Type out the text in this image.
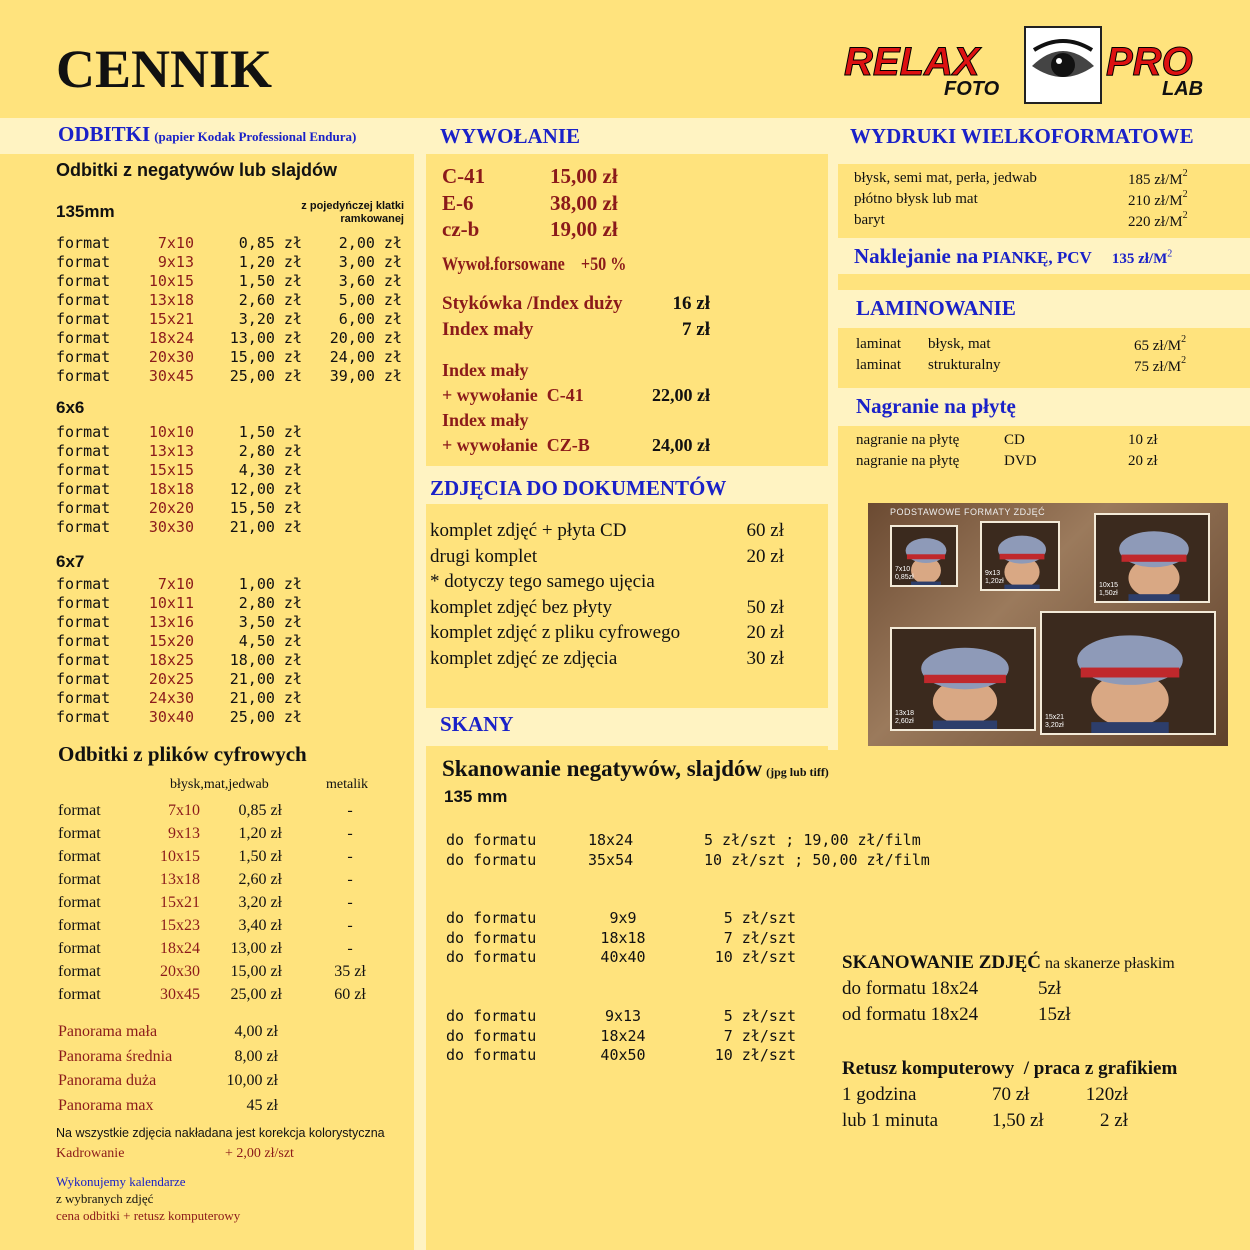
CENNIK	RELAX	PRO
FOTO	LAB
ODBITKI (papier Kodak Professional Endura)
Odbitki z negatywów lub slajdów
135mm	z pojedyńczej klatki
ramkowanej
format	7x10	0,85 zł	2,00 zł
format	9x13	1,20 zł	3,00 zł
format	10x15	1,50 zł	3,60 zł
format	13x18	2,60 zł	5,00 zł
format	15x21	3,20 zł	6,00 zł
format	18x24	13,00 zł	20,00 zł
format	20x30	15,00 zł	24,00 zł
format	30x45	25,00 zł	39,00 zł
6x6
format	10x10	1,50 zł
format	13x13	2,80 zł
format	15x15	4,30 zł
format	18x18	12,00 zł
format	20x20	15,50 zł
format	30x30	21,00 zł
6x7
format	7x10	1,00 zł
format	10x11	2,80 zł
format	13x16	3,50 zł
format	15x20	4,50 zł
format	18x25	18,00 zł
format	20x25	21,00 zł
format	24x30	21,00 zł
format	30x40	25,00 zł
Odbitki z plików cyfrowych
błysk,mat,jedwab	metalik
format	7x10	0,85 zł	-
format	9x13	1,20 zł	-
format	10x15	1,50 zł	-
format	13x18	2,60 zł	-
format	15x21	3,20 zł	-
format	15x23	3,40 zł	-
format	18x24	13,00 zł	-
format	20x30	15,00 zł	35 zł
format	30x45	25,00 zł	60 zł
Panorama mała	4,00 zł
Panorama średnia	8,00 zł
Panorama duża	10,00 zł
Panorama max	45 zł
Na wszystkie zdjęcia nakładana jest korekcja kolorystyczna
Kadrowanie	+ 2,00 zł/szt
Wykonujemy kalendarze
z wybranych zdjęć
cena odbitki + retusz komputerowy
WYWOŁANIE
C-41	15,00 zł
E-6	38,00 zł
cz-b	19,00 zł
Wywoł.forsowane +50 %
Stykówka /Index duży	16 zł
Index mały	7 zł
Index mały
+ wywołanie  C-41	22,00 zł
Index mały
+ wywołanie  CZ-B	24,00 zł
ZDJĘCIA DO DOKUMENTÓW
komplet zdjęć + płyta CD	60 zł
drugi komplet	20 zł
* dotyczy tego samego ujęcia
komplet zdjęć bez płyty	50 zł
komplet zdjęć z pliku cyfrowego	20 zł
komplet zdjęć ze zdjęcia	30 zł
SKANY
Skanowanie negatywów, slajdów (jpg lub tiff)
135 mm
do formatu	18x24	5 zł/szt ; 19,00 zł/film
do formatu	35x54	10 zł/szt ; 50,00 zł/film
do formatu	9x9	5 zł/szt
do formatu	18x18	7 zł/szt
do formatu	40x40	10 zł/szt
do formatu	9x13	5 zł/szt
do formatu	18x24	7 zł/szt
do formatu	40x50	10 zł/szt
WYDRUKI WIELKOFORMATOWE
błysk, semi mat, perła, jedwab	185 $zł/M^2$
płótno błysk lub mat	210 $zł/M^2$
baryt	220 $zł/M^2$
Naklejanie na PIANKĘ, PCV 135 $zł/M^2$
LAMINOWANIE
laminat błysk, mat	65 $zł/M^2$
laminat strukturalny	75 $zł/M^2$
Nagranie na płytę
nagranie na płytę	CD	10 zł
nagranie na płytę	DVD	20 zł
PODSTAWOWE FORMATY ZDJĘĆ
7x10
0,85zł
9x13
1,20zł
10x15
1,50zł
13x18
2,60zł
15x21
3,20zł
SKANOWANIE ZDJĘĆ na skanerze płaskim
do formatu 18x24	5zł
od formatu 18x24	15zł
Retusz komputerowy  / praca z grafikiem
1 godzina	70 zł	120zł
lub 1 minuta	1,50 zł	2 zł
